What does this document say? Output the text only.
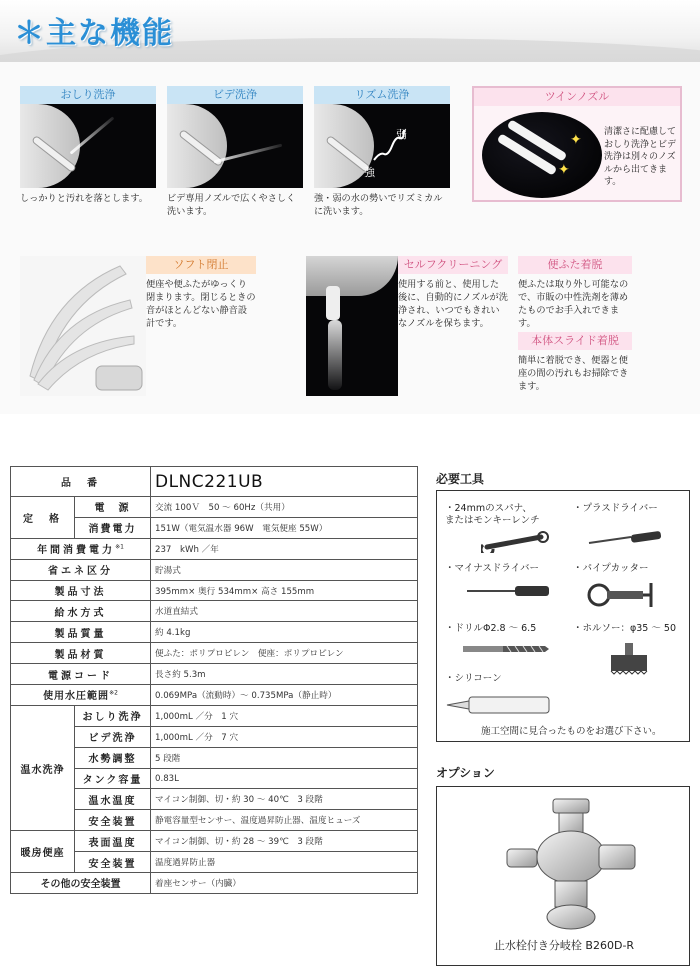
＊主な機能
おしり洗浄
しっかりと汚れを落とします。
ビデ洗浄
ビデ専用ノズルで広くやさしく洗います。
リズム洗浄
強
弱
強・弱の水の勢いでリズミカルに洗います。
ツインノズル
✦
✦
清潔さに配慮しておしり洗浄とビデ洗浄は別々のノズルから出てきます。
ソフト閉止
便座や便ふたがゆっくり閉まります。閉じるときの音がほとんどない静音設計です。
セルフクリーニング
使用する前と、使用した後に、自動的にノズルが洗浄され、いつでもきれいなノズルを保ちます。
便ふた着脱
便ふたは取り外し可能なので、市販の中性洗剤を薄めたものでお手入れできます。
本体スライド着脱
簡単に着脱でき、便器と便座の間の汚れもお掃除できます。
品　番		DLNC221UB
定　格	電　源	交流 100Ｖ　50 ～ 60Hz（共用）
	消費電力	151W（電気温水器 96W　電気便座 55W）
年間消費電力$^{※1}$		237　kWh ／年
省エネ区分		貯湯式
製品寸法		395mm× 奥行 534mm× 高さ 155mm
給水方式		水道直結式
製品質量		約 4.1kg
製品材質		便ふた：ポリプロピレン　便座：ポリプロピレン
電源コード		長さ約 5.3m
使用水圧範囲$^{※2}$		0.069MPa（流動時）～ 0.735MPa（静止時）
温水洗浄	おしり洗浄	1,000mL ／分　1 穴
	ビデ洗浄	1,000mL ／分　7 穴
	水勢調整	5 段階
	タンク容量	0.83L
	温水温度	マイコン制御、切・約 30 ～ 40℃　3 段階
	安全装置	静電容量型センサー、温度過昇防止器、温度ヒューズ
暖房便座	表面温度	マイコン制御、切・約 28 ～ 39℃　3 段階
	安全装置	温度過昇防止器
その他の安全装置		着座センサー（内臓）
必要工具
・24mmのスパナ、
またはモンキーレンチ
・プラスドライバー
・マイナスドライバー	・パイプカッター
・ドリルΦ2.8 ～ 6.5	・ホルソー：φ35 ～ 50
・シリコーン
施工空間に見合ったものをお選び下さい。
オプション
止水栓付き分岐栓 B260D-R
